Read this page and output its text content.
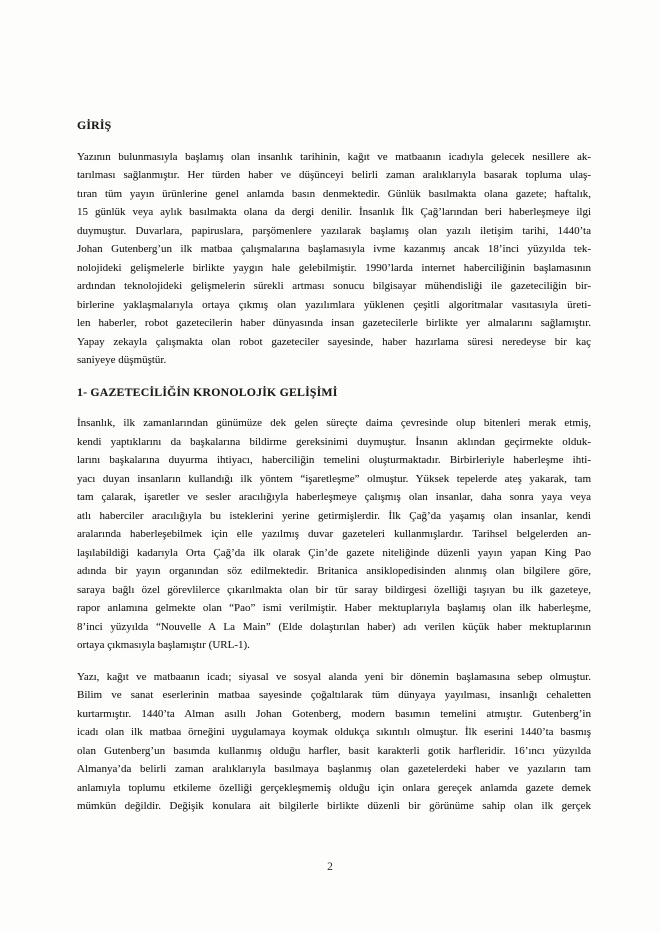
GİRİŞ
Yazının bulunmasıyla başlamış olan insanlık tarihinin, kağıt ve matbaanın icadıyla gelecek nesillere ak-
tarılması sağlanmıştır. Her türden haber ve düşünceyi belirli zaman aralıklarıyla basarak topluma ulaş-
tıran tüm yayın ürünlerine genel anlamda basın denmektedir. Günlük basılmakta olana gazete; haftalık,
15 günlük veya aylık basılmakta olana da dergi denilir. İnsanlık İlk Çağ’larından beri haberleşmeye ilgi
duymuştur. Duvarlara, papiruslara, parşömenlere yazılarak başlamış olan yazılı iletişim tarihi, 1440’ta
Johan Gutenberg’un ilk matbaa çalışmalarına başlamasıyla ivme kazanmış ancak 18’inci yüzyılda tek-
nolojideki gelişmelerle birlikte yaygın hale gelebilmiştir. 1990’larda internet haberciliğinin başlamasının
ardından teknolojideki gelişmelerin sürekli artması sonucu bilgisayar mühendisliği ile gazeteciliğin bir-
birlerine yaklaşmalarıyla ortaya çıkmış olan yazılımlara yüklenen çeşitli algoritmalar vasıtasıyla üreti-
len haberler, robot gazetecilerin haber dünyasında insan gazetecilerle birlikte yer almalarını sağlamıştır.
Yapay zekayla çalışmakta olan robot gazeteciler sayesinde, haber hazırlama süresi neredeyse bir kaç
saniyeye düşmüştür.
1- GAZETECİLİĞİN KRONOLOJİK GELİŞİMİ
İnsanlık, ilk zamanlarından günümüze dek gelen süreçte daima çevresinde olup bitenleri merak etmiş,
kendi yaptıklarını da başkalarına bildirme gereksinimi duymuştur. İnsanın aklından geçirmekte olduk-
larını başkalarına duyurma ihtiyacı, haberciliğin temelini oluşturmaktadır. Birbirleriyle haberleşme ihti-
yacı duyan insanların kullandığı ilk yöntem “işaretleşme” olmuştur. Yüksek tepelerde ateş yakarak, tam
tam çalarak, işaretler ve sesler aracılığıyla haberleşmeye çalışmış olan insanlar, daha sonra yaya veya
atlı haberciler aracılığıyla bu isteklerini yerine getirmişlerdir. İlk Çağ’da yaşamış olan insanlar, kendi
aralarında haberleşebilmek için elle yazılmış duvar gazeteleri kullanmışlardır. Tarihsel belgelerden an-
laşılabildiği kadarıyla Orta Çağ’da ilk olarak Çin’de gazete niteliğinde düzenli yayın yapan King Pao
adında bir yayın organından söz edilmektedir. Britanica ansiklopedisinden alınmış olan bilgilere göre,
saraya bağlı özel görevlilerce çıkarılmakta olan bir tür saray bildirgesi özelliği taşıyan bu ilk gazeteye,
rapor anlamına gelmekte olan “Pao” ismi verilmiştir. Haber mektuplarıyla başlamış olan ilk haberleşme,
8’inci yüzyılda “Nouvelle A La Main” (Elde dolaştırılan haber) adı verilen küçük haber mektuplarının
ortaya çıkmasıyla başlamıştır (URL-1).
Yazı, kağıt ve matbaanın icadı; siyasal ve sosyal alanda yeni bir dönemin başlamasına sebep olmuştur.
Bilim ve sanat eserlerinin matbaa sayesinde çoğaltılarak tüm dünyaya yayılması, insanlığı cehaletten
kurtarmıştır. 1440’ta Alman asıllı Johan Gotenberg, modern basımın temelini atmıştır. Gutenberg’in
icadı olan ilk matbaa örneğini uygulamaya koymak oldukça sıkıntılı olmuştur. İlk eserini 1440’ta basmış
olan Gutenberg’un basımda kullanmış olduğu harfler, basit karakterli gotik harfleridir. 16’ıncı yüzyılda
Almanya’da belirli zaman aralıklarıyla basılmaya başlanmış olan gazetelerdeki haber ve yazıların tam
anlamıyla toplumu etkileme özelliği gerçekleşmemiş olduğu için onlara gereçek anlamda gazete demek
mümkün değildir. Değişik konulara ait bilgilerle birlikte düzenli bir görünüme sahip olan ilk gerçek
2
